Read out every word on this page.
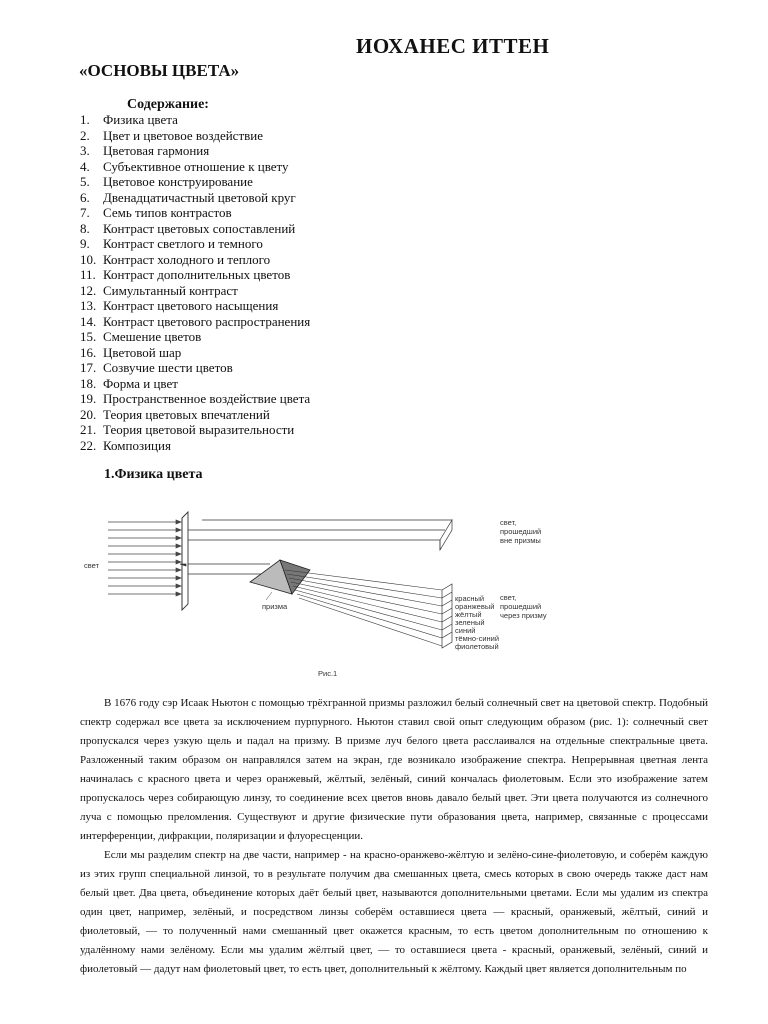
ИОХАНЕС ИТТЕН
«ОСНОВЫ ЦВЕТА»
Содержание:
1. Физика цвета
2. Цвет и цветовое воздействие
3. Цветовая гармония
4. Субъективное отношение к цвету
5. Цветовое конструирование
6. Двенадцатичастный цветовой круг
7. Семь типов контрастов
8. Контраст цветовых сопоставлений
9. Контраст светлого и темного
10. Контраст холодного и теплого
11. Контраст дополнительных цветов
12. Симультанный контраст
13. Контраст цветового насыщения
14. Контраст цветового распространения
15. Смешение цветов
16. Цветовой шар
17. Созвучие шести цветов
18. Форма и цвет
19. Пространственное воздействие цвета
20. Теория цветовых впечатлений
21. Теория цветовой выразительности
22. Композиция
1.Физика цвета
свет
призма
свет,
прошедший
вне призмы
свет,
прошедший
через призму
красный
оранжевый
жёлтый
зеленый
синий
тёмно-синий
фиолетовый
Рис.1

В 1676 году сэр Исаак Ньютон с помощью трёхгранной призмы разложил белый солнечный свет на цветовой спектр. Подобный спектр содержал все цвета за исключением пурпурного. Ньютон ставил свой опыт следующим образом (рис. 1): солнечный свет пропускался через узкую щель и падал на призму. В призме луч белого цвета расслаивался на отдельные спектральные цвета. Разложенный таким образом он направлялся затем на экран, где возникало изображение спектра. Непрерывная цветная лента начиналась с красного цвета и через оранжевый, жёлтый, зелёный, синий кончалась фиолетовым. Если это изображение затем пропускалось через собирающую линзу, то соединение всех цветов вновь давало белый цвет. Эти цвета получаются из солнечного луча с помощью преломления. Существуют и другие физические пути образования цвета, например, связанные с процессами интерференции, дифракции, поляризации и флуоресценции.

Если мы разделим спектр на две части, например - на красно-оранжево-жёлтую и зелёно-сине-фиолетовую, и соберём каждую из этих групп специальной линзой, то в результате получим два смешанных цвета, смесь которых в свою очередь также даст нам белый цвет. Два цвета, объединение которых даёт белый цвет, называются дополнительными цветами. Если мы удалим из спектра один цвет, например, зелёный, и посредством линзы соберём оставшиеся цвета — красный, оранжевый, жёлтый, синий и фиолетовый, — то полученный нами смешанный цвет окажется красным, то есть цветом дополнительным по отношению к удалённому нами зелёному. Если мы удалим жёлтый цвет, — то оставшиеся цвета - красный, оранжевый, зелёный, синий и фиолетовый — дадут нам фиолетовый цвет, то есть цвет, дополнительный к жёлтому. Каждый цвет является дополнительным по
